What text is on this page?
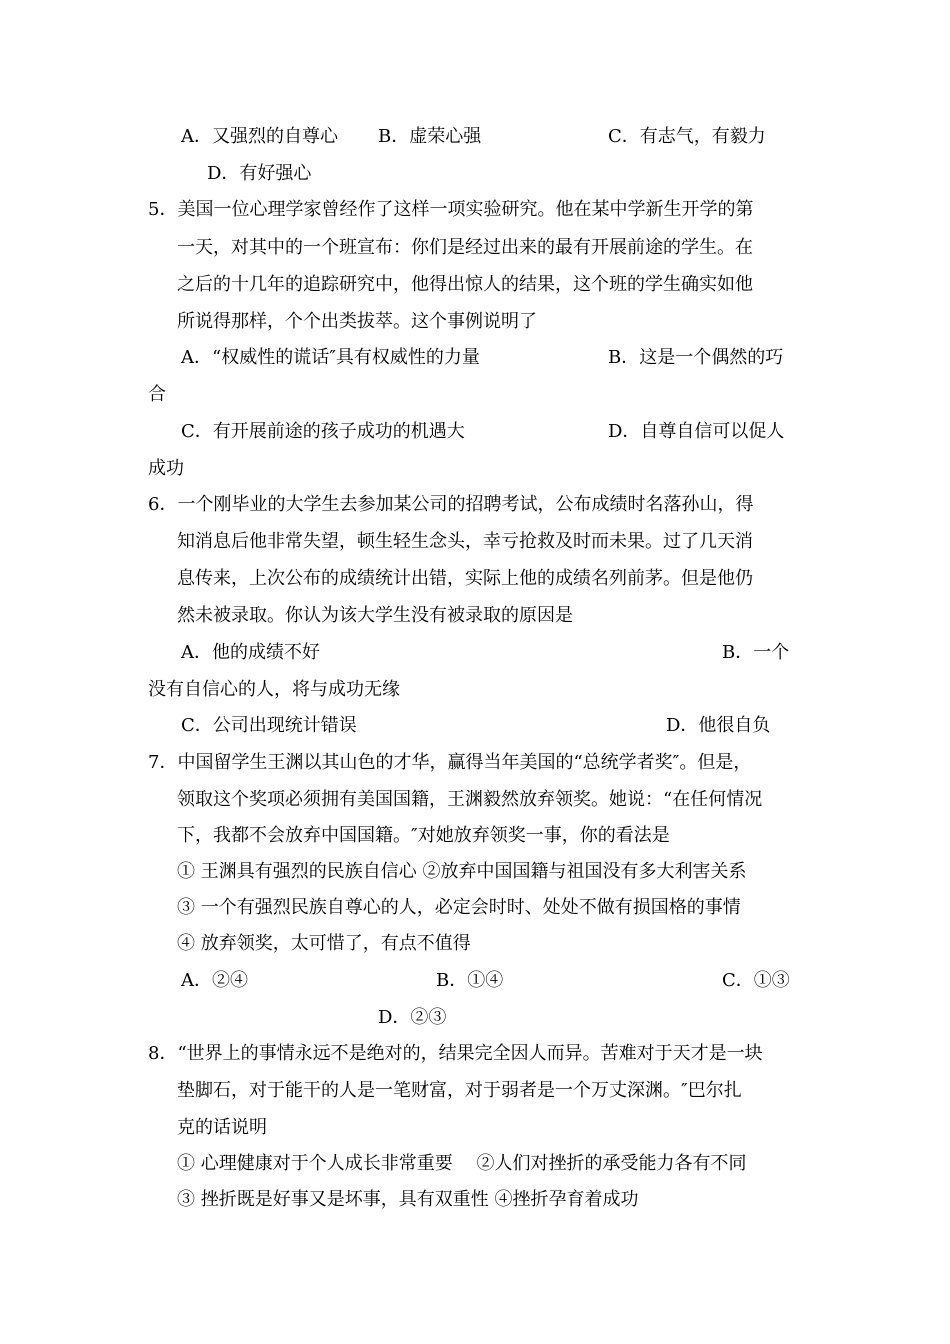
A．又强烈的自尊心 B．虚荣心强	C．有志气，有毅力
D．有好强心
5．美国一位心理学家曾经作了这样一项实验研究。他在某中学新生开学的第
一天，对其中的一个班宣布：你们是经过出来的最有开展前途的学生。在
之后的十几年的追踪研究中，他得出惊人的结果，这个班的学生确实如他
所说得那样，个个出类拔萃。这个事例说明了
A．“权威性的谎话″具有权威性的力量	B．这是一个偶然的巧
合
C．有开展前途的孩子成功的机遇大	D．自尊自信可以促人
成功
6．一个刚毕业的大学生去参加某公司的招聘考试，公布成绩时名落孙山，得
知消息后他非常失望，顿生轻生念头，幸亏抢救及时而未果。过了几天消
息传来，上次公布的成绩统计出错，实际上他的成绩名列前茅。但是他仍
然未被录取。你认为该大学生没有被录取的原因是
A．他的成绩不好	B．一个
没有自信心的人，将与成功无缘
C．公司出现统计错误	D．他很自负
7．中国留学生王渊以其山色的才华，赢得当年美国的“总统学者奖″。但是，
领取这个奖项必须拥有美国国籍，王渊毅然放弃领奖。她说：“在任何情况
下，我都不会放弃中国国籍。″对她放弃领奖一事，你的看法是
① 王渊具有强烈的民族自信心 ②放弃中国国籍与祖国没有多大利害关系
③ 一个有强烈民族自尊心的人，必定会时时、处处不做有损国格的事情
④ 放弃领奖，太可惜了，有点不值得
A．②④	B．①④	C．①③
D．②③
8．“世界上的事情永远不是绝对的，结果完全因人而异。苦难对于天才是一块
垫脚石，对于能干的人是一笔财富，对于弱者是一个万丈深渊。″巴尔扎
克的话说明
① 心理健康对于个人成长非常重要　 ②人们对挫折的承受能力各有不同
③ 挫折既是好事又是坏事，具有双重性 ④挫折孕育着成功
